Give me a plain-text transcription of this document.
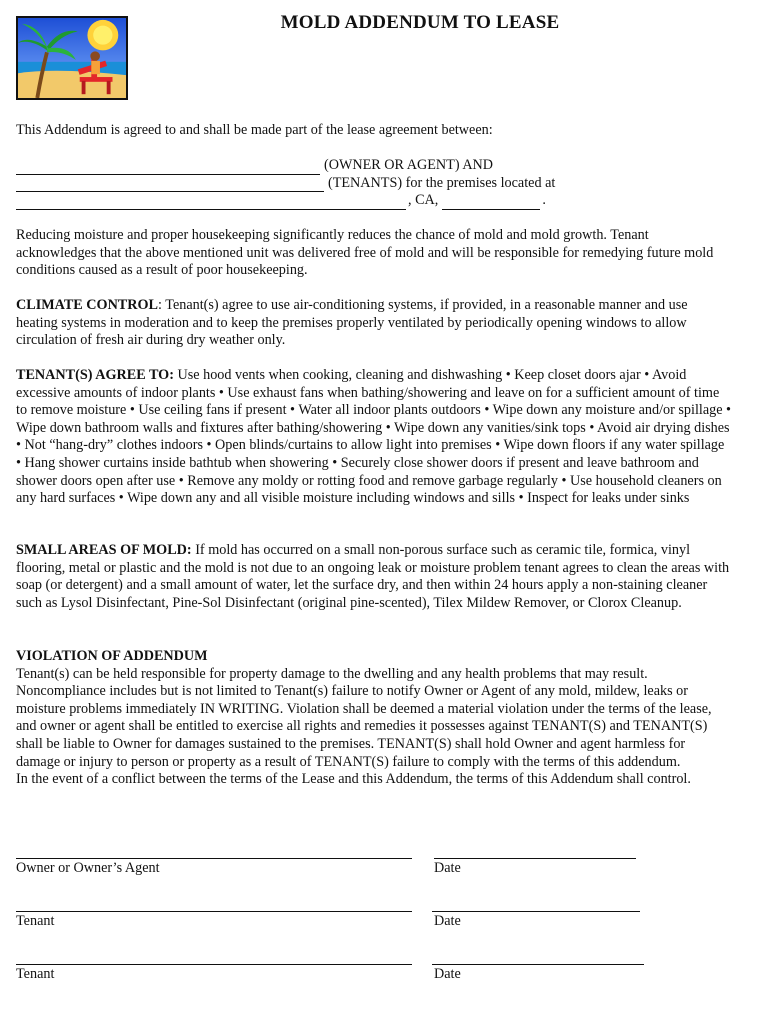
MOLD ADDENDUM TO LEASE

This Addendum is agreed to and shall be made part of the lease agreement between:

(OWNER OR AGENT) AND
(TENANTS) for the premises located at
, CA,	.

Reducing moisture and proper housekeeping significantly reduces the chance of mold and mold growth. Tenant acknowledges that the above mentioned unit was delivered free of mold and will be responsible for remedying future mold conditions caused as a result of poor housekeeping.

CLIMATE CONTROL: Tenant(s) agree to use air-conditioning systems, if provided, in a reasonable manner and use heating systems in moderation and to keep the premises properly ventilated by periodically opening windows to allow circulation of fresh air during dry weather only.

TENANT(S) AGREE TO: Use hood vents when cooking, cleaning and dishwashing • Keep closet doors ajar • Avoid excessive amounts of indoor plants • Use exhaust fans when bathing/showering and leave on for a sufficient amount of time to remove moisture • Use ceiling fans if present • Water all indoor plants outdoors • Wipe down any moisture and/or spillage • Wipe down bathroom walls and fixtures after bathing/showering • Wipe down any vanities/sink tops • Avoid air drying dishes • Not “hang-dry” clothes indoors • Open blinds/curtains to allow light into premises • Wipe down floors if any water spillage • Hang shower curtains inside bathtub when showering • Securely close shower doors if present and leave bathroom and shower doors open after use • Remove any moldy or rotting food and remove garbage regularly • Use household cleaners on any hard surfaces • Wipe down any and all visible moisture including windows and sills • Inspect for leaks under sinks

SMALL AREAS OF MOLD: If mold has occurred on a small non-porous surface such as ceramic tile, formica, vinyl flooring, metal or plastic and the mold is not due to an ongoing leak or moisture problem tenant agrees to clean the areas with soap (or detergent) and a small amount of water, let the surface dry, and then within 24 hours apply a non-staining cleaner such as Lysol Disinfectant, Pine-Sol Disinfectant (original pine-scented), Tilex Mildew Remover, or Clorox Cleanup.

VIOLATION OF ADDENDUM
Tenant(s) can be held responsible for property damage to the dwelling and any health problems that may result. Noncompliance includes but is not limited to Tenant(s) failure to notify Owner or Agent of any mold, mildew, leaks or moisture problems immediately IN WRITING. Violation shall be deemed a material violation under the terms of the lease, and owner or agent shall be entitled to exercise all rights and remedies it possesses against TENANT(S) and TENANT(S) shall be liable to Owner for damages sustained to the premises. TENANT(S) shall hold Owner and agent harmless for damage or injury to person or property as a result of TENANT(S) failure to comply with the terms of this addendum.
In the event of a conflict between the terms of the Lease and this Addendum, the terms of this Addendum shall control.
Owner or Owner’s Agent	Date
Tenant	Date
Tenant	Date
